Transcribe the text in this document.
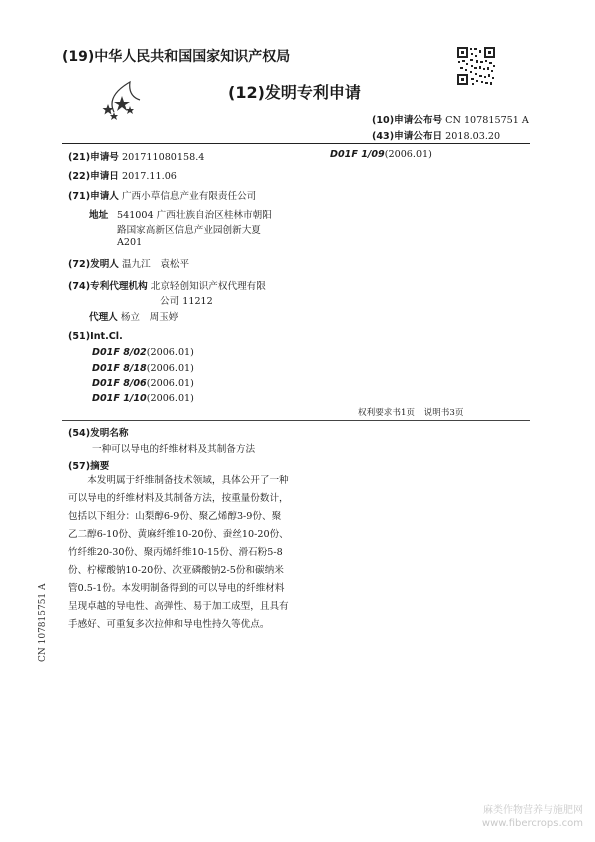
(19)中华人民共和国国家知识产权局
(12)发明专利申请
(10)申请公布号 CN 107815751 A
(43)申请公布日 2018.03.20
(21)申请号 201711080158.4	D01F 1/09(2006.01)
(22)申请日 2017.11.06
(71)申请人 广西小草信息产业有限责任公司
地址 541004 广西壮族自治区桂林市朝阳
路国家高新区信息产业园创新大夏
A201
(72)发明人 温九江　袁松平
(74)专利代理机构 北京轻创知识产权代理有限
公司 11212
代理人 杨立　周玉婷
(51)Int.Cl.
D01F 8/02(2006.01)
D01F 8/18(2006.01)
D01F 8/06(2006.01)
D01F 1/10(2006.01)
权利要求书1页　说明书3页
(54)发明名称
一种可以导电的纤维材料及其制备方法
(57)摘要
本发明属于纤维制备技术领域，具体公开了一种可以导电的纤维材料及其制备方法，按重量份数计，包括以下组分：山梨醇6-9份、聚乙烯醇3-9份、聚乙二醇6-10份、黄麻纤维10-20份、蚕丝10-20份、竹纤维20-30份、聚丙烯纤维10-15份、滑石粉5-8份、柠檬酸钠10-20份、次亚磷酸钠2-5份和碳纳米管0.5-1份。本发明制备得到的可以导电的纤维材料呈现卓越的导电性、高弹性、易于加工成型，且具有手感好、可重复多次拉伸和导电性持久等优点。
CN 107815751 A
麻类作物营养与施肥网
www.fibercrops.com
